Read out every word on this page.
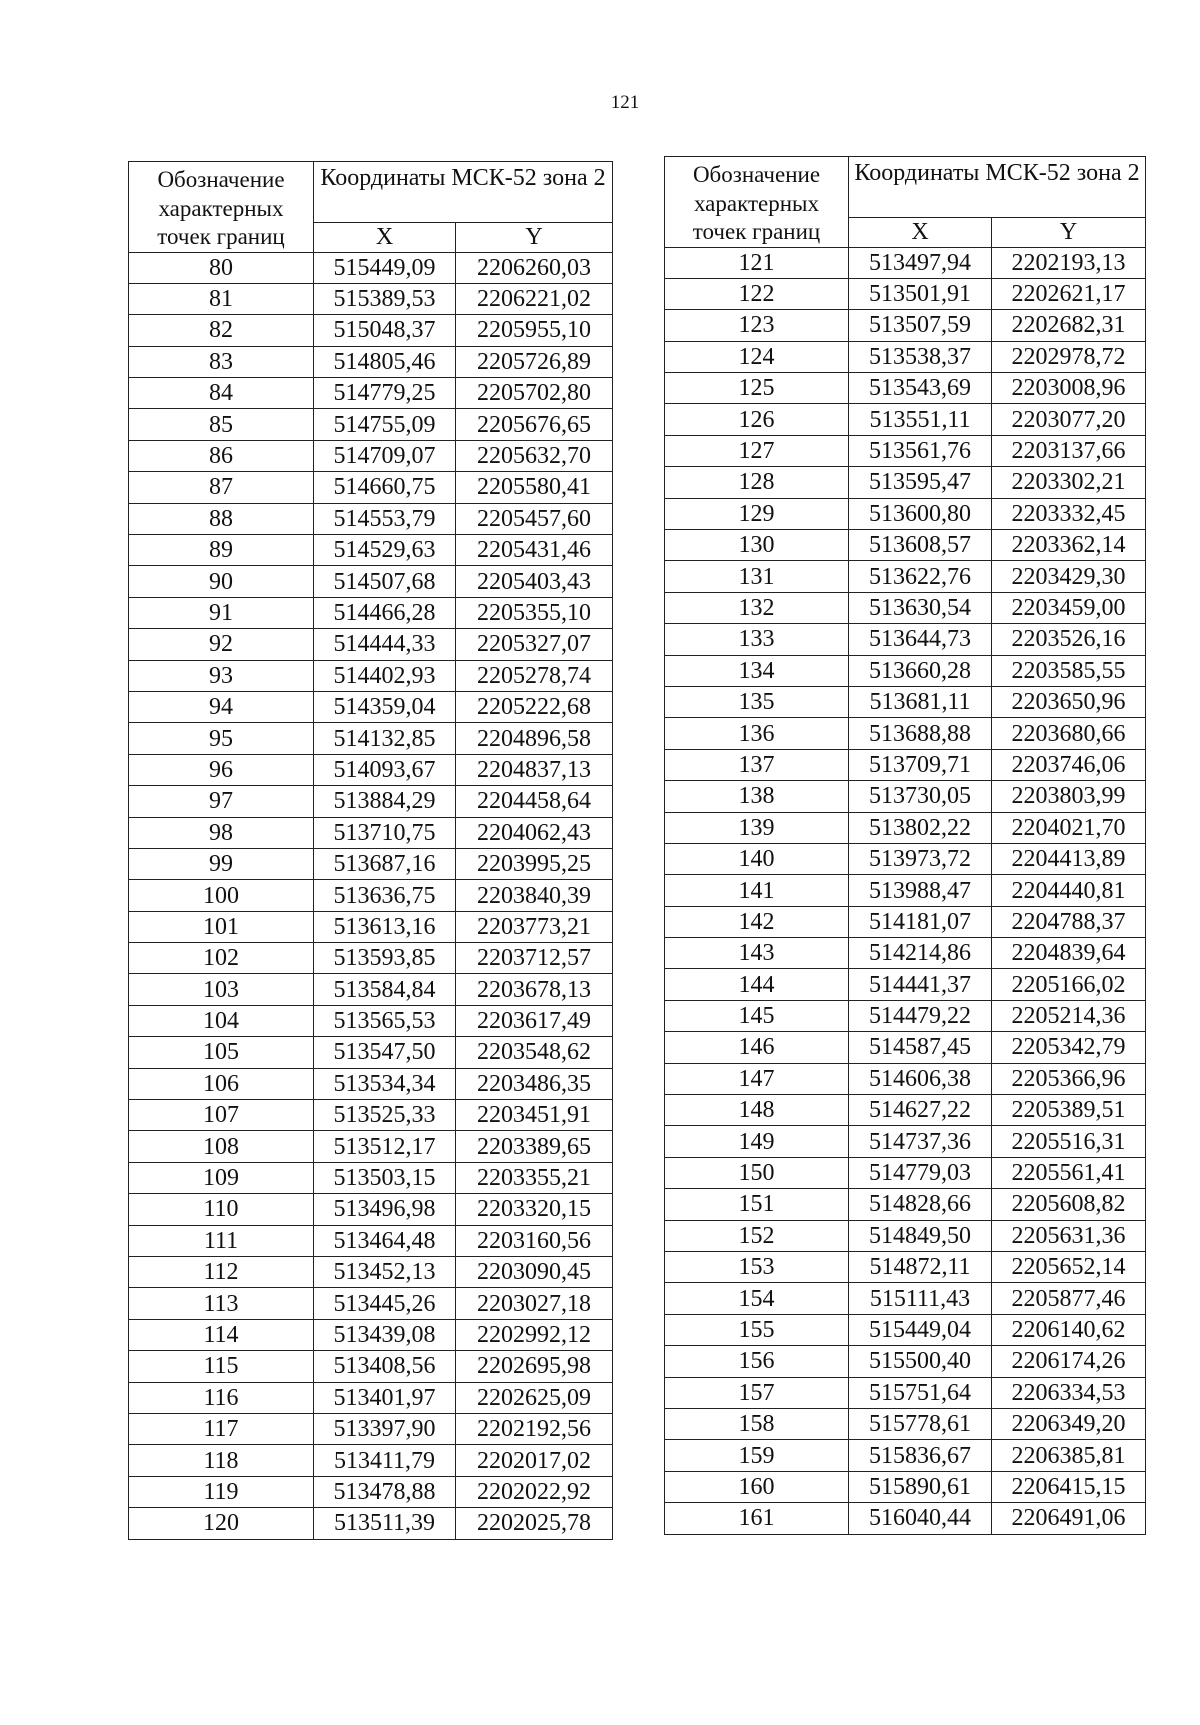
121
Обозначение характерных точек границ	Координаты МСК-52 зона 2	
	X	Y
80	515449,09	2206260,03
81	515389,53	2206221,02
82	515048,37	2205955,10
83	514805,46	2205726,89
84	514779,25	2205702,80
85	514755,09	2205676,65
86	514709,07	2205632,70
87	514660,75	2205580,41
88	514553,79	2205457,60
89	514529,63	2205431,46
90	514507,68	2205403,43
91	514466,28	2205355,10
92	514444,33	2205327,07
93	514402,93	2205278,74
94	514359,04	2205222,68
95	514132,85	2204896,58
96	514093,67	2204837,13
97	513884,29	2204458,64
98	513710,75	2204062,43
99	513687,16	2203995,25
100	513636,75	2203840,39
101	513613,16	2203773,21
102	513593,85	2203712,57
103	513584,84	2203678,13
104	513565,53	2203617,49
105	513547,50	2203548,62
106	513534,34	2203486,35
107	513525,33	2203451,91
108	513512,17	2203389,65
109	513503,15	2203355,21
110	513496,98	2203320,15
111	513464,48	2203160,56
112	513452,13	2203090,45
113	513445,26	2203027,18
114	513439,08	2202992,12
115	513408,56	2202695,98
116	513401,97	2202625,09
117	513397,90	2202192,56
118	513411,79	2202017,02
119	513478,88	2202022,92
120	513511,39	2202025,78
Обозначение характерных точек границ	Координаты МСК-52 зона 2	
	X	Y
121	513497,94	2202193,13
122	513501,91	2202621,17
123	513507,59	2202682,31
124	513538,37	2202978,72
125	513543,69	2203008,96
126	513551,11	2203077,20
127	513561,76	2203137,66
128	513595,47	2203302,21
129	513600,80	2203332,45
130	513608,57	2203362,14
131	513622,76	2203429,30
132	513630,54	2203459,00
133	513644,73	2203526,16
134	513660,28	2203585,55
135	513681,11	2203650,96
136	513688,88	2203680,66
137	513709,71	2203746,06
138	513730,05	2203803,99
139	513802,22	2204021,70
140	513973,72	2204413,89
141	513988,47	2204440,81
142	514181,07	2204788,37
143	514214,86	2204839,64
144	514441,37	2205166,02
145	514479,22	2205214,36
146	514587,45	2205342,79
147	514606,38	2205366,96
148	514627,22	2205389,51
149	514737,36	2205516,31
150	514779,03	2205561,41
151	514828,66	2205608,82
152	514849,50	2205631,36
153	514872,11	2205652,14
154	515111,43	2205877,46
155	515449,04	2206140,62
156	515500,40	2206174,26
157	515751,64	2206334,53
158	515778,61	2206349,20
159	515836,67	2206385,81
160	515890,61	2206415,15
161	516040,44	2206491,06
